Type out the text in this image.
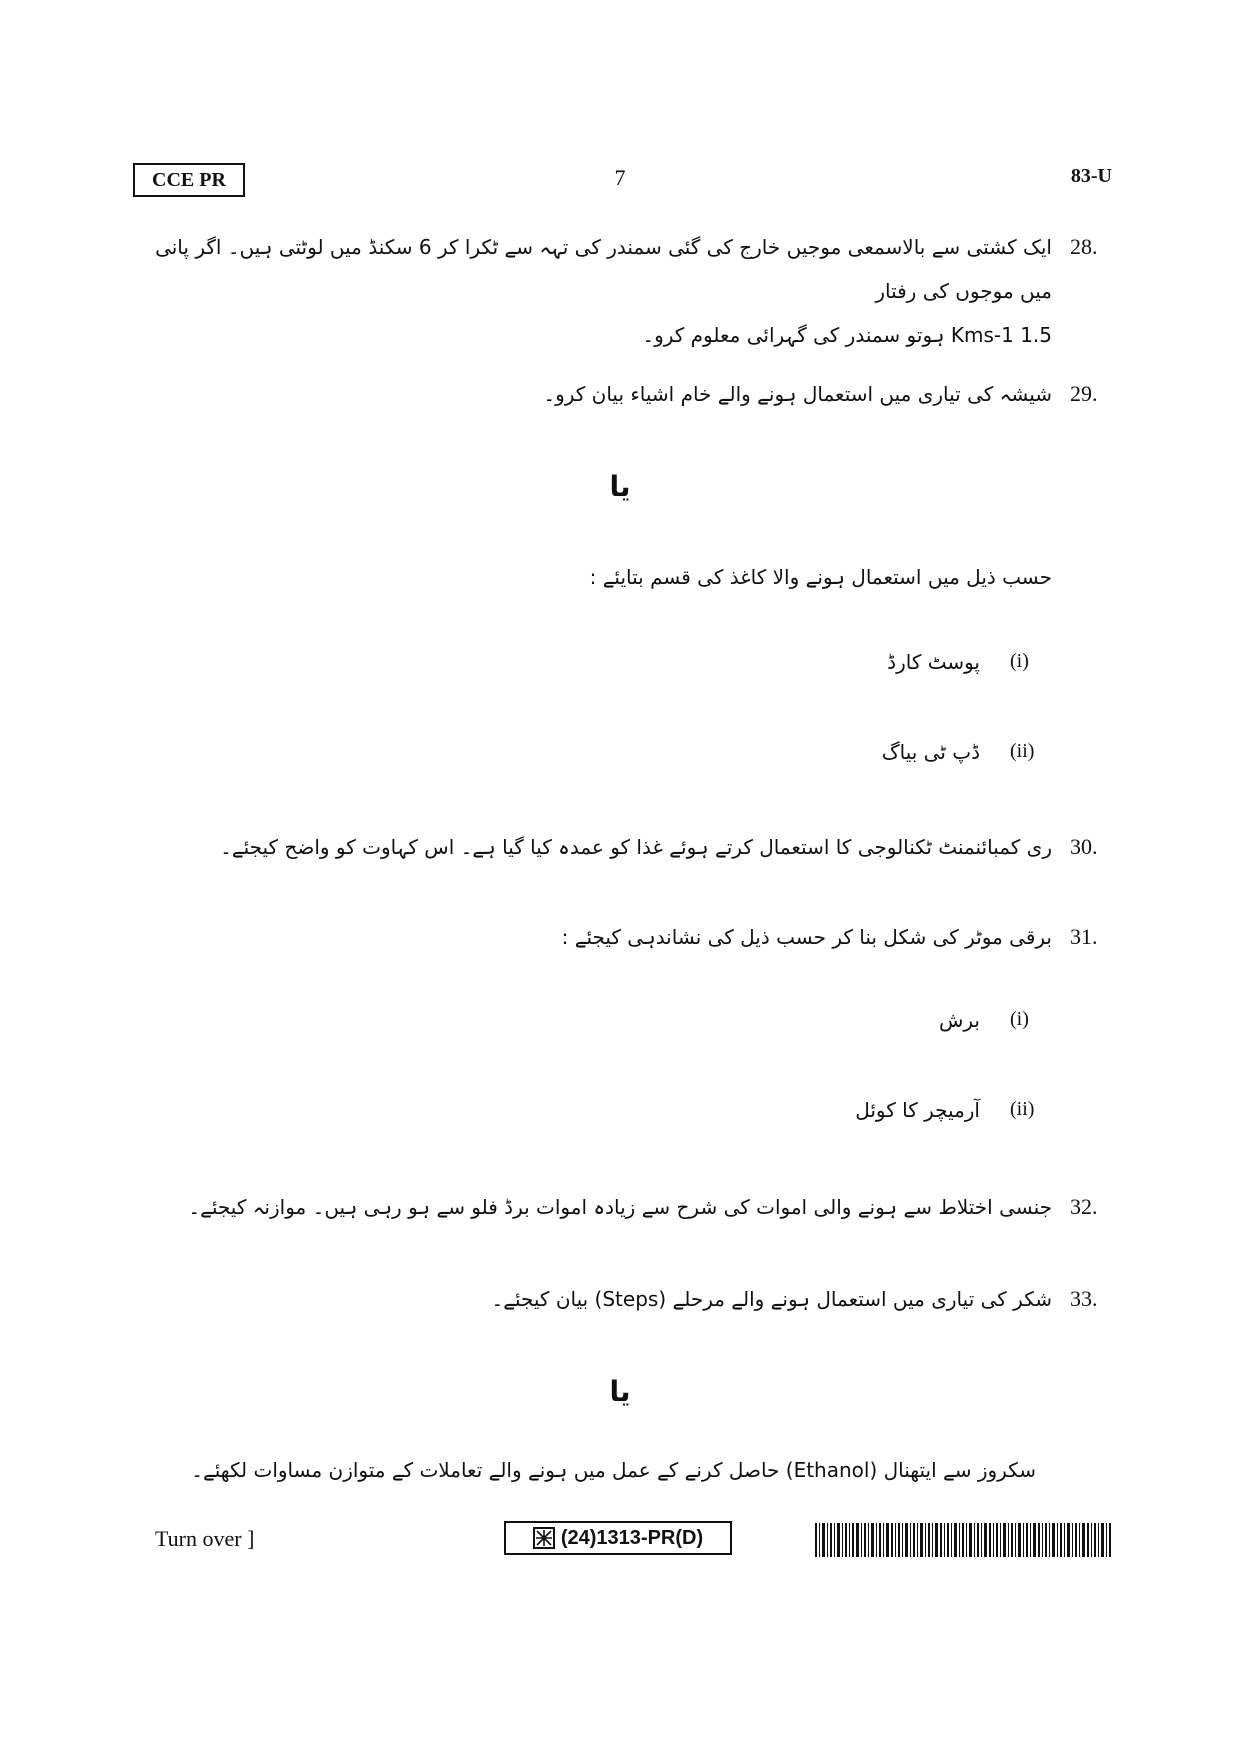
CCE PR	7	83-U
28.
ایک کشتی سے بالاسمعی موجیں خارج کی گئی سمندر کی تہہ سے ٹکرا کر 6 سکنڈ میں لوٹتی ہیں۔ اگر پانی میں موجوں کی رفتار
1.5 Kms-1 ہوتو سمندر کی گہرائی معلوم کرو۔
29.
شیشہ کی تیاری میں استعمال ہونے والے خام اشیاء بیان کرو۔
یا
حسب ذیل میں استعمال ہونے والا کاغذ کی قسم بتایئے :
(i)
پوسٹ کارڈ
(ii)
ڈپ ٹی بیاگ
30.
ری کمبائنمنٹ ٹکنالوجی کا استعمال کرتے ہوئے غذا کو عمدہ کیا گیا ہے۔ اس کہاوت کو واضح کیجئے۔
31.
برقی موٹر کی شکل بنا کر حسب ذیل کی نشاندہی کیجئے :
(i)
برش
(ii)
آرمیچر کا کوئل
32.
جنسی اختلاط سے ہونے والی اموات کی شرح سے زیادہ اموات برڈ فلو سے ہو رہی ہیں۔ موازنہ کیجئے۔
33.
شکر کی تیاری میں استعمال ہونے والے مرحلے (Steps) بیان کیجئے۔
یا
سکروز سے ایتھنال (Ethanol) حاصل کرنے کے عمل میں ہونے والے تعاملات کے متوازن مساوات لکھئے۔
Turn over ]	(24)1313-PR(D)
